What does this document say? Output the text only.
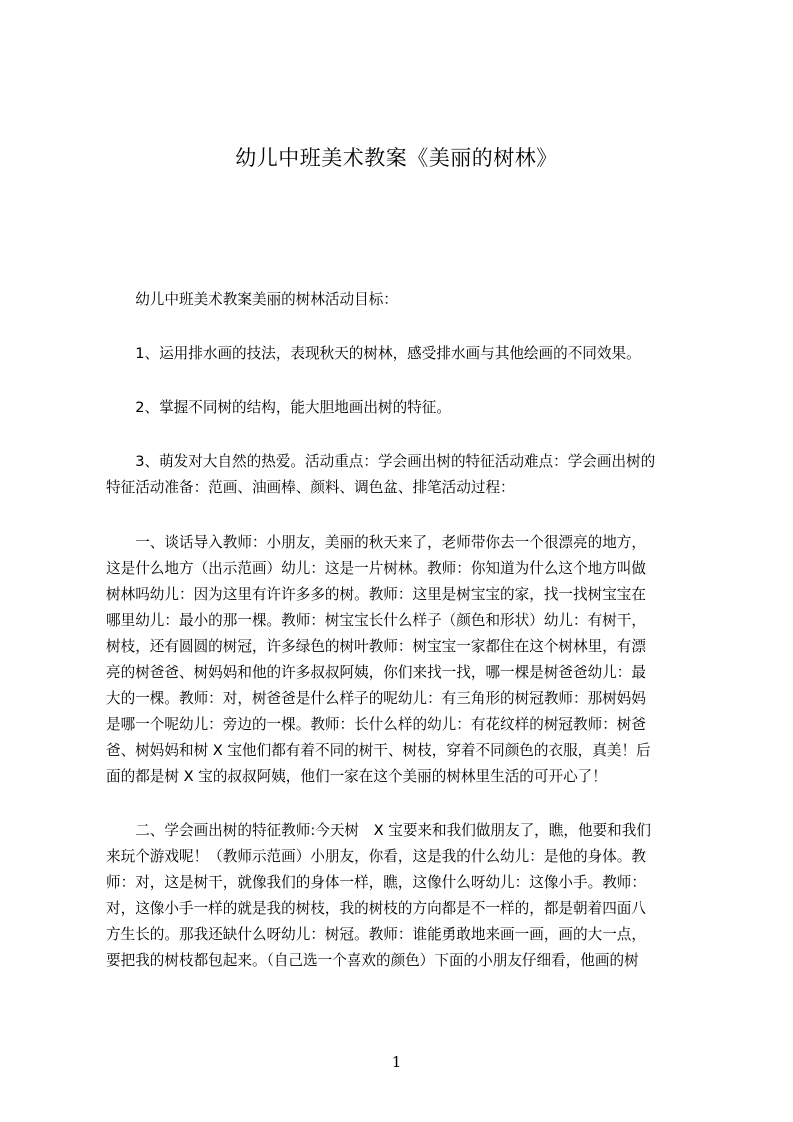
幼儿中班美术教案《美丽的树林》

　　幼儿中班美术教案美丽的树林活动目标：

　　1、运用排水画的技法，表现秋天的树林，感受排水画与其他绘画的不同效果。

　　2、掌握不同树的结构，能大胆地画出树的特征。

　　3、萌发对大自然的热爱。活动重点：学会画出树的特征活动难点：学会画出树的
特征活动准备：范画、油画棒、颜料、调色盆、排笔活动过程：

　　一、谈话导入教师：小朋友，美丽的秋天来了，老师带你去一个很漂亮的地方，
这是什么地方（出示范画）幼儿：这是一片树林。教师：你知道为什么这个地方叫做
树林吗幼儿：因为这里有许许多多的树。教师：这里是树宝宝的家，找一找树宝宝在
哪里幼儿：最小的那一棵。教师：树宝宝长什么样子（颜色和形状）幼儿：有树干，
树枝，还有圆圆的树冠，许多绿色的树叶教师：树宝宝一家都住在这个树林里，有漂
亮的树爸爸、树妈妈和他的许多叔叔阿姨，你们来找一找，哪一棵是树爸爸幼儿：最
大的一棵。教师：对，树爸爸是什么样子的呢幼儿：有三角形的树冠教师：那树妈妈
是哪一个呢幼儿：旁边的一棵。教师：长什么样的幼儿：有花纹样的树冠教师：树爸
爸、树妈妈和树 X 宝他们都有着不同的树干、树枝，穿着不同颜色的衣服，真美！后
面的都是树 X 宝的叔叔阿姨，他们一家在这个美丽的树林里生活的可开心了！

　　二、学会画出树的特征教师:今天树　X 宝要来和我们做朋友了，瞧，他要和我们
来玩个游戏呢！（教师示范画）小朋友，你看，这是我的什么幼儿：是他的身体。教
师：对，这是树干，就像我们的身体一样，瞧，这像什么呀幼儿：这像小手。教师：
对，这像小手一样的就是我的树枝，我的树枝的方向都是不一样的，都是朝着四面八
方生长的。那我还缺什么呀幼儿：树冠。教师：谁能勇敢地来画一画，画的大一点，
要把我的树枝都包起来。（自己选一个喜欢的颜色）下面的小朋友仔细看，他画的树

1
